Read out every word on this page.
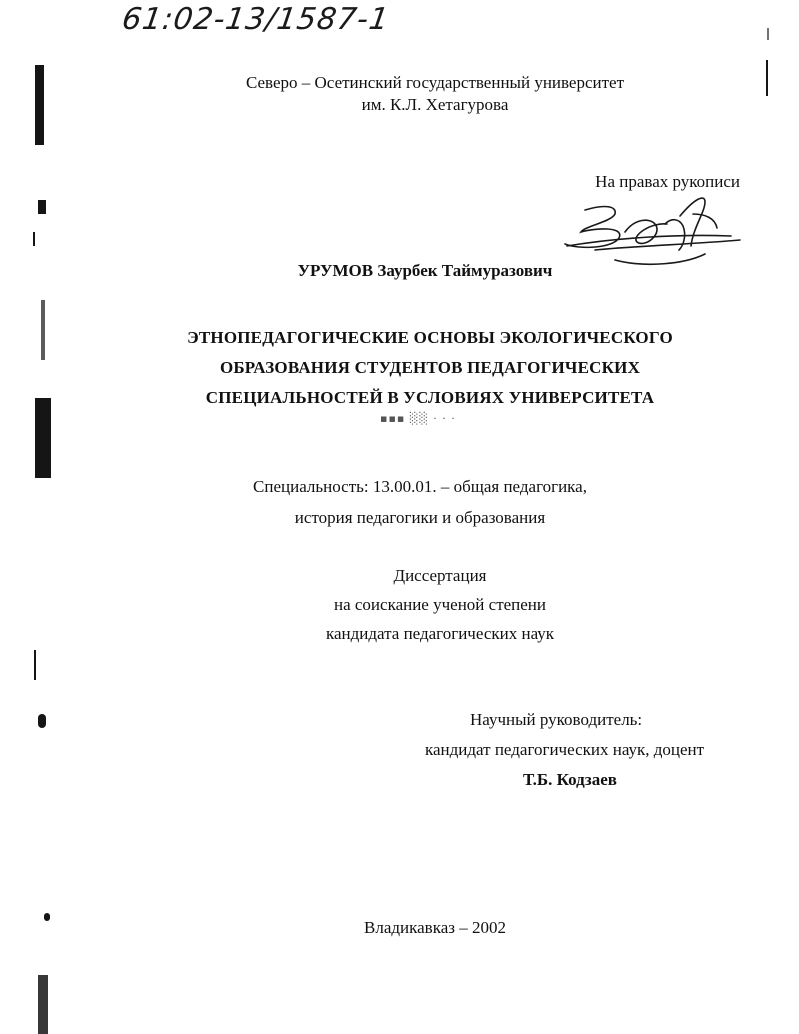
61:02-13/1587-1
Северо – Осетинский государственный университет
им. К.Л. Хетагурова
На правах рукописи
УРУМОВ Заурбек Таймуразович
ЭТНОПЕДАГОГИЧЕСКИЕ ОСНОВЫ ЭКОЛОГИЧЕСКОГО
ОБРАЗОВАНИЯ СТУДЕНТОВ ПЕДАГОГИЧЕСКИХ
СПЕЦИАЛЬНОСТЕЙ В УСЛОВИЯХ УНИВЕРСИТЕТА
▪▪▪ ░░ · · ·
Специальность: 13.00.01. – общая педагогика,
история педагогики и образования
Диссертация
на соискание ученой степени
кандидата педагогических наук
Научный руководитель:
кандидат педагогических наук, доцент
Т.Б. Кодзаев
Владикавказ – 2002
